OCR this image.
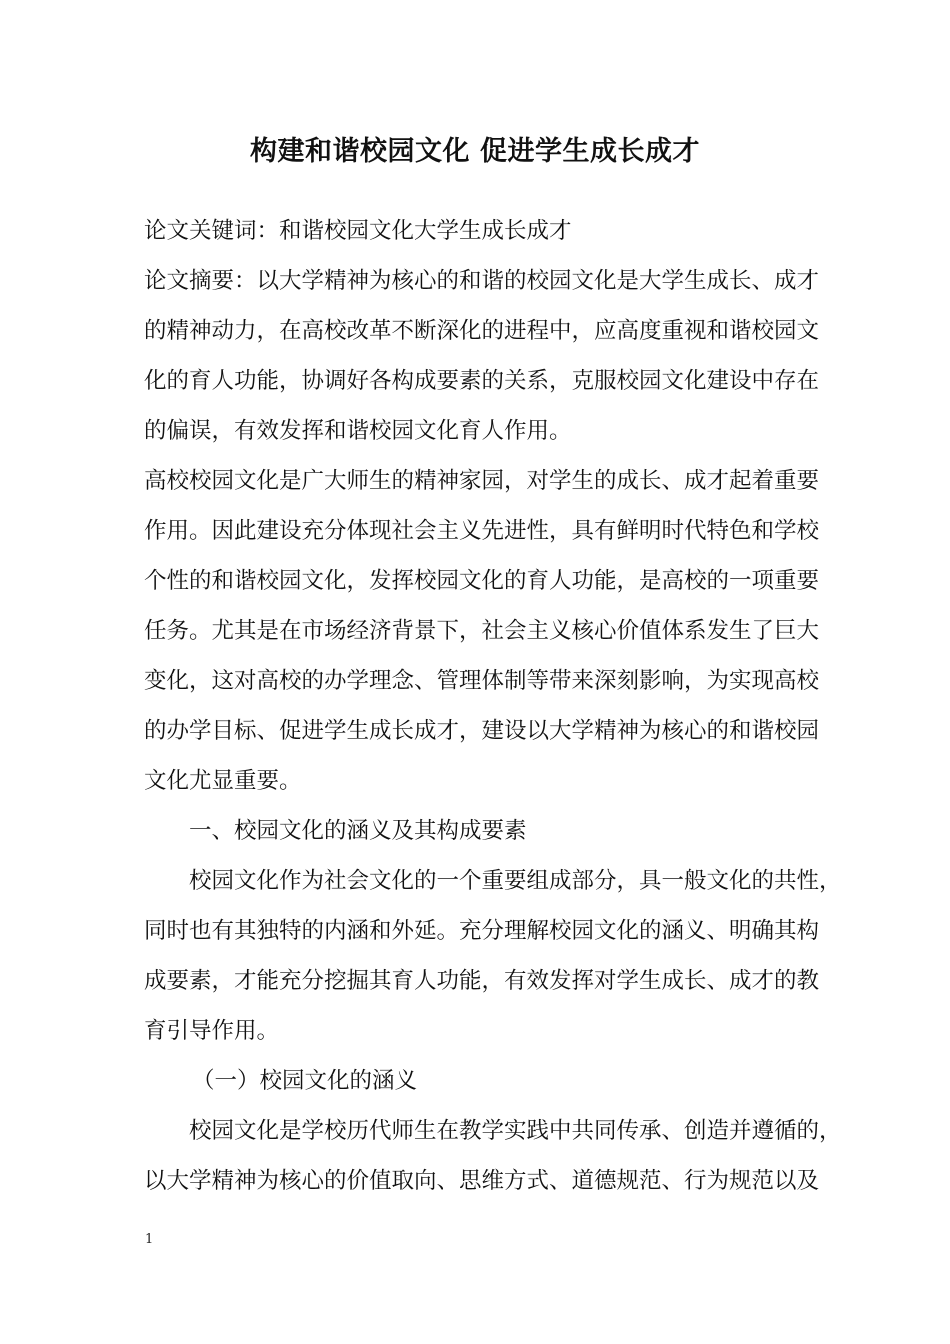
构建和谐校园文化 促进学生成长成才
论文关键词：和谐校园文化大学生成长成才
论文摘要：以大学精神为核心的和谐的校园文化是大学生成长、成才
的精神动力，在高校改革不断深化的进程中，应高度重视和谐校园文
化的育人功能，协调好各构成要素的关系，克服校园文化建设中存在
的偏误，有效发挥和谐校园文化育人作用。
高校校园文化是广大师生的精神家园，对学生的成长、成才起着重要
作用。因此建设充分体现社会主义先进性，具有鲜明时代特色和学校
个性的和谐校园文化，发挥校园文化的育人功能，是高校的一项重要
任务。尤其是在市场经济背景下，社会主义核心价值体系发生了巨大
变化，这对高校的办学理念、管理体制等带来深刻影响，为实现高校
的办学目标、促进学生成长成才，建设以大学精神为核心的和谐校园
文化尤显重要。
一、校园文化的涵义及其构成要素
校园文化作为社会文化的一个重要组成部分，具一般文化的共性，
同时也有其独特的内涵和外延。充分理解校园文化的涵义、明确其构
成要素，才能充分挖掘其育人功能，有效发挥对学生成长、成才的教
育引导作用。
（一）校园文化的涵义
校园文化是学校历代师生在教学实践中共同传承、创造并遵循的，
以大学精神为核心的价值取向、思维方式、道德规范、行为规范以及
1
